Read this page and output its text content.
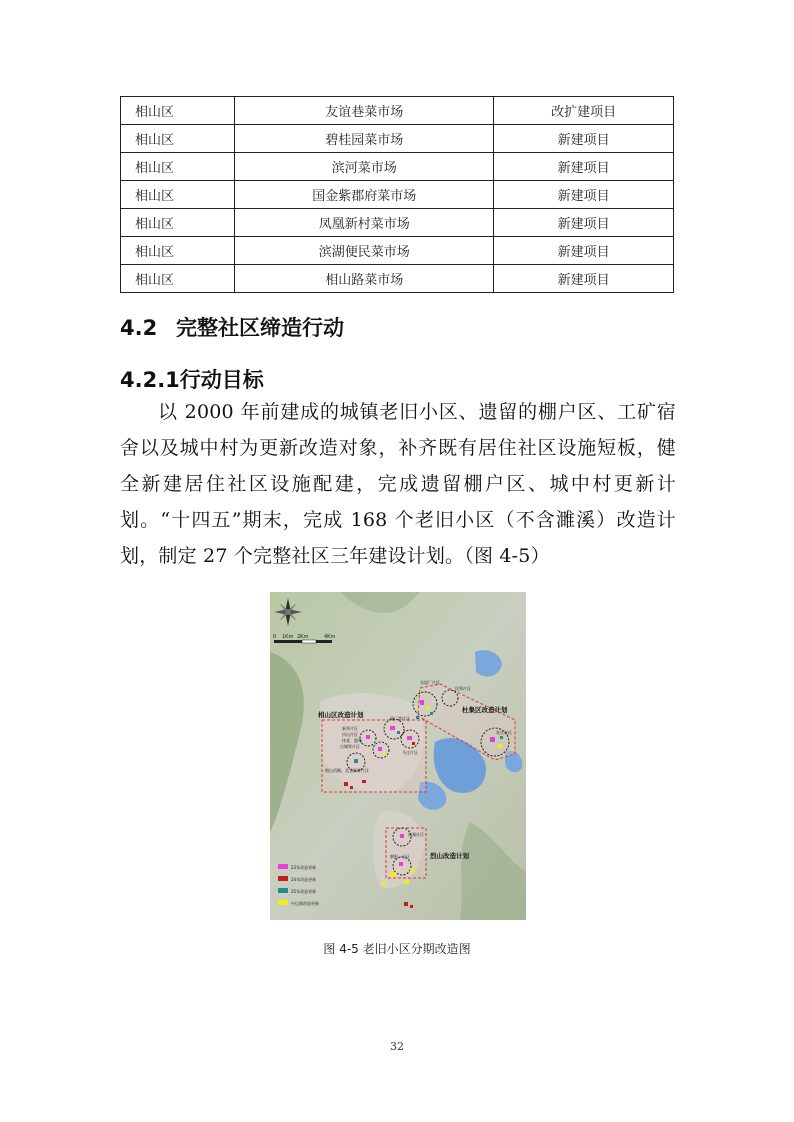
相山区	友谊巷菜市场	改扩建项目
相山区	碧桂园菜市场	新建项目
相山区	滨河菜市场	新建项目
相山区	国金紫郡府菜市场	新建项目
相山区	凤凰新村菜市场	新建项目
相山区	滨湖便民菜市场	新建项目
相山区	相山路菜市场	新建项目
4.2 完整社区缔造行动
4.2.1行动目标

以 2000 年前建成的城镇老旧小区、遗留的棚户区、工矿宿舍以及城中村为更新改造对象，补齐既有居住社区设施短板，健全新建居住社区设施配建，完成遗留棚户区、城中村更新计划。“十四五”期末，完成 168 个老旧小区（不含濉溪）改造计划，制定 27 个完整社区三年建设计划。（图 4-5）

0 1Km 2Km	4Km
相山区改造计划
杜集区改造计划
烈山改造计划
水泥厂片区
佳和片区
机厂等片区
新华片区
抖山片区
体育、惠苑
古城等片区
马庄片区
相山西侧、美食街等片区
朱庄社区
南湖社区
朝阳一小区
23年改造更新
24年改造更新
25年改造更新
中运期改造更新
图 4-5 老旧小区分期改造图
32
